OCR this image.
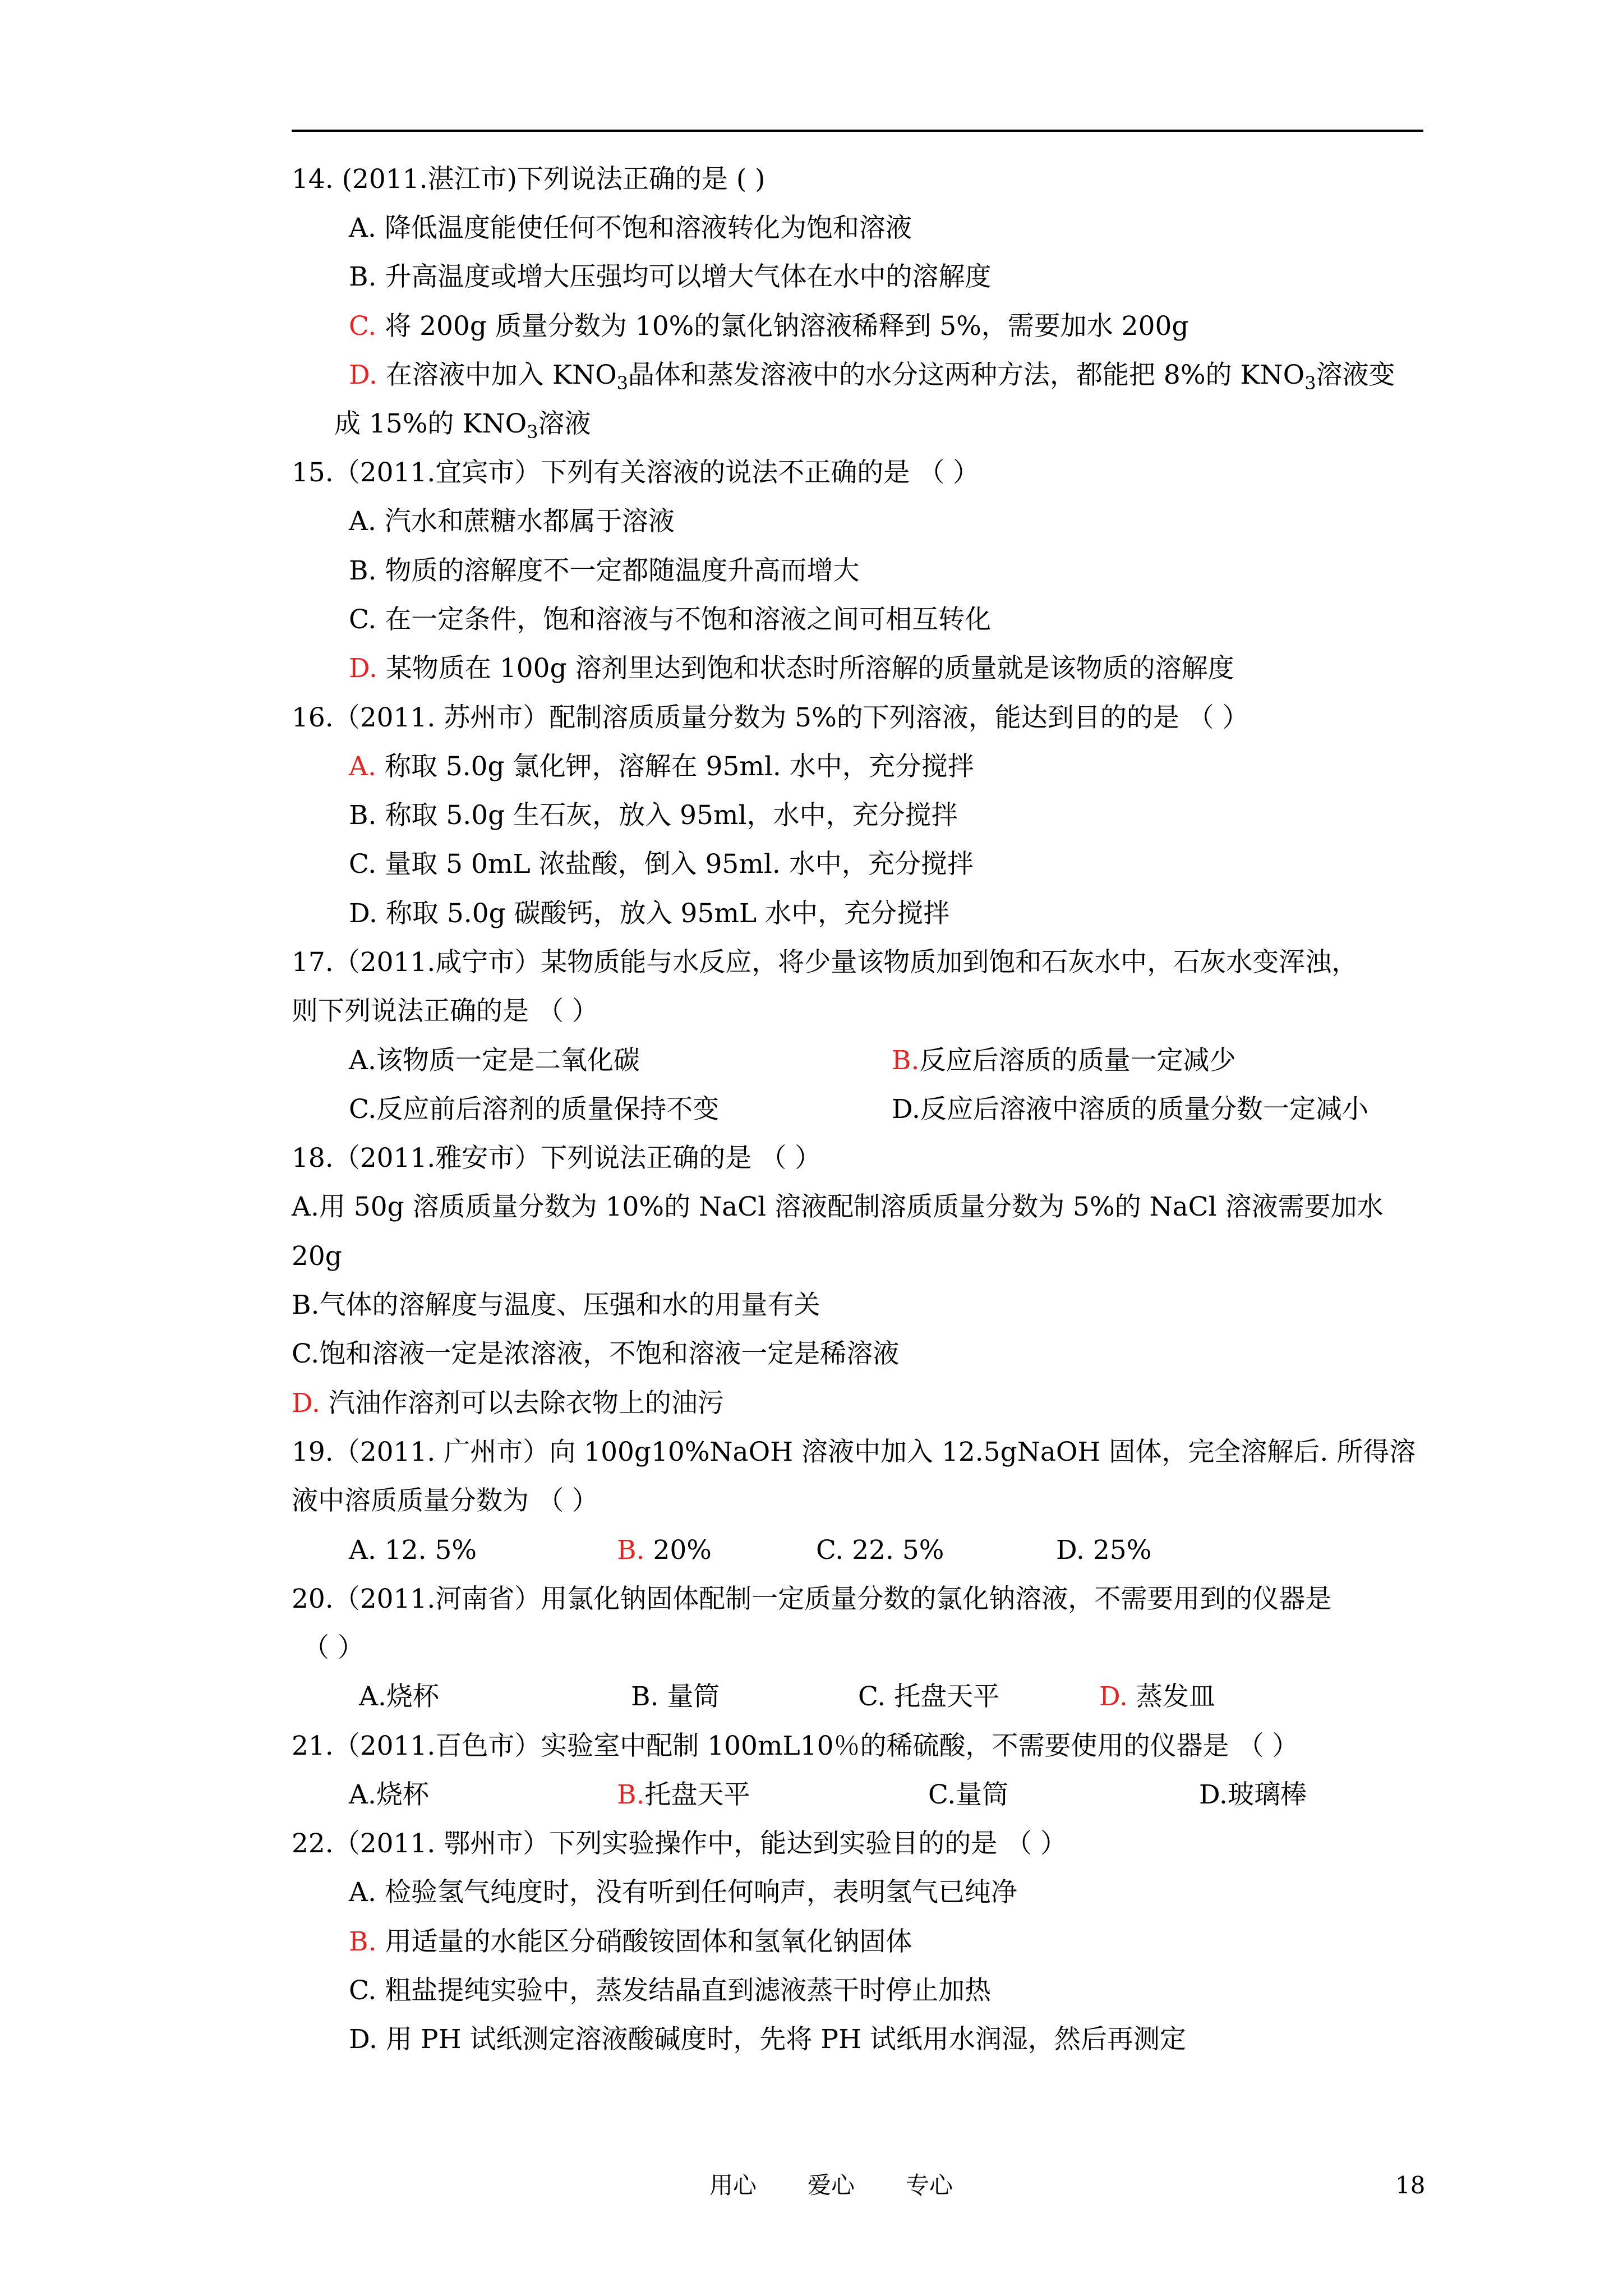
14. (2011.湛江市)下列说法正确的是 ( )
A. 降低温度能使任何不饱和溶液转化为饱和溶液
B. 升高温度或增大压强均可以增大气体在水中的溶解度
C. 将 200g 质量分数为 10%的氯化钠溶液稀释到 5%，需要加水 200g
D. 在溶液中加入 $KNO_3$晶体和蒸发溶液中的水分这两种方法，都能把 8%的 $KNO_3$溶液变
成 15%的 $KNO_3$溶液
15.（2011.宜宾市）下列有关溶液的说法不正确的是 （ ）
A. 汽水和蔗糖水都属于溶液
B. 物质的溶解度不一定都随温度升高而增大
C. 在一定条件，饱和溶液与不饱和溶液之间可相互转化
D. 某物质在 100g 溶剂里达到饱和状态时所溶解的质量就是该物质的溶解度
16.（2011. 苏州市）配制溶质质量分数为 5%的下列溶液，能达到目的的是 （ ）
A. 称取 5.0g 氯化钾，溶解在 95ml. 水中，充分搅拌
B. 称取 5.0g 生石灰，放入 95ml，水中，充分搅拌
C. 量取 5 0mL 浓盐酸，倒入 95ml. 水中，充分搅拌
D. 称取 5.0g 碳酸钙，放入 95mL 水中，充分搅拌
17.（2011.咸宁市）某物质能与水反应，将少量该物质加到饱和石灰水中，石灰水变浑浊，
则下列说法正确的是 （ ）
A.该物质一定是二氧化碳	B.反应后溶质的质量一定减少
C.反应前后溶剂的质量保持不变	D.反应后溶液中溶质的质量分数一定减小
18.（2011.雅安市）下列说法正确的是 （ ）
A.用 50g 溶质质量分数为 10%的 NaCl 溶液配制溶质质量分数为 5%的 NaCl 溶液需要加水
20g
B.气体的溶解度与温度、压强和水的用量有关
C.饱和溶液一定是浓溶液，不饱和溶液一定是稀溶液
D. 汽油作溶剂可以去除衣物上的油污
19.（2011. 广州市）向 100g10%NaOH 溶液中加入 12.5gNaOH 固体，完全溶解后. 所得溶
液中溶质质量分数为 （ ）
A. 12. 5%	B. 20%	C. 22. 5%	D. 25%
20.（2011.河南省）用氯化钠固体配制一定质量分数的氯化钠溶液，不需要用到的仪器是
（ ）
A.烧杯	B. 量筒	C. 托盘天平	D. 蒸发皿
21.（2011.百色市）实验室中配制 100mL10％的稀硫酸，不需要使用的仪器是 （ ）
A.烧杯	B.托盘天平	C.量筒	D.玻璃棒
22.（2011. 鄂州市）下列实验操作中，能达到实验目的的是 （ ）
A. 检验氢气纯度时，没有听到任何响声，表明氢气已纯净
B. 用适量的水能区分硝酸铵固体和氢氧化钠固体
C. 粗盐提纯实验中，蒸发结晶直到滤液蒸干时停止加热
D. 用 PH 试纸测定溶液酸碱度时，先将 PH 试纸用水润湿，然后再测定
用心 爱心 专心	18
